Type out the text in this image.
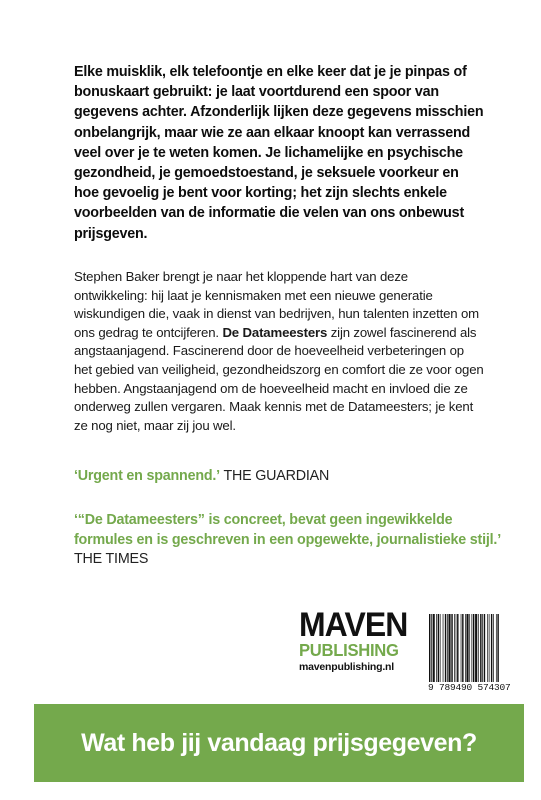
Elke muisklik, elk telefoontje en elke keer dat je je pinpas of bonuskaart gebruikt: je laat voortdurend een spoor van gegevens achter. Afzonderlijk lijken deze gegevens misschien onbelangrijk, maar wie ze aan elkaar knoopt kan verrassend veel over je te weten komen. Je lichamelijke en psychische gezondheid, je gemoedstoestand, je seksuele voorkeur en hoe gevoelig je bent voor korting; het zijn slechts enkele voorbeelden van de informatie die velen van ons onbewust prijsgeven.

Stephen Baker brengt je naar het kloppende hart van deze ontwikkeling: hij laat je kennismaken met een nieuwe generatie wiskundigen die, vaak in dienst van bedrijven, hun talenten inzetten om ons gedrag te ontcijferen. De Datameesters zijn zowel fascinerend als angstaanjagend. Fascinerend door de hoeveelheid verbeteringen op het gebied van veiligheid, gezondheidszorg en comfort die ze voor ogen hebben. Angstaanjagend om de hoeveelheid macht en invloed die ze onderweg zullen vergaren. Maak kennis met de Datameesters; je kent ze nog niet, maar zij jou wel.

‘Urgent en spannend.’ THE GUARDIAN

‘“De Datameesters” is concreet, bevat geen ingewikkelde formules en is geschreven in een opgewekte, journalistieke stijl.’ THE TIMES

MAVEN
PUBLISHING
mavenpublishing.nl
9 789490 574307
Wat heb jij vandaag prijsgegeven?
